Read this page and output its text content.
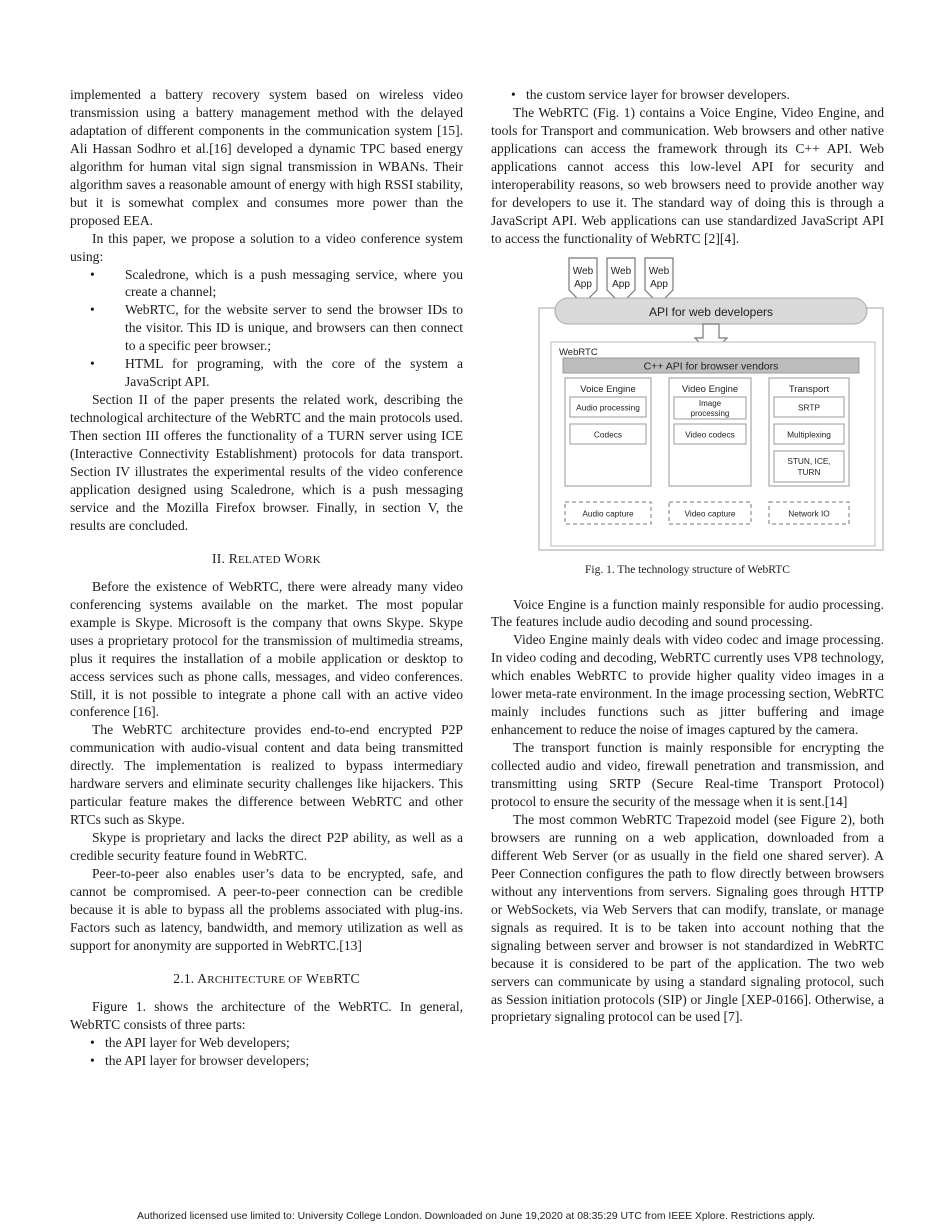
implemented a battery recovery system based on wireless video transmission using a battery management method with the delayed adaptation of different components in the communication system [15]. Ali Hassan Sodhro et al.[16] developed a dynamic TPC based energy algorithm for human vital sign signal transmission in WBANs. Their algorithm saves a reasonable amount of energy with high RSSI stability, but it is somewhat complex and consumes more power than the proposed EEA.

In this paper, we propose a solution to a video conference system using:

• Scaledrone, which is a push messaging service, where you create a channel;
• WebRTC, for the website server to send the browser IDs to the visitor. This ID is unique, and browsers can then connect to a specific peer browser.;
• HTML for programing, with the core of the system a JavaScript API.

Section II of the paper presents the related work, describing the technological architecture of the WebRTC and the main protocols used. Then section III offeres the functionality of a TURN server using ICE (Interactive Connectivity Establishment) protocols for data transport. Section IV illustrates the experimental results of the video conference application designed using Scaledrone, which is a push messaging service and the Mozilla Firefox browser. Finally, in section V, the results are concluded.

II. RELATED WORK

Before the existence of WebRTC, there were already many video conferencing systems available on the market. The most popular example is Skype. Microsoft is the company that owns Skype. Skype uses a proprietary protocol for the transmission of multimedia streams, plus it requires the installation of a mobile application or desktop to access services such as phone calls, messages, and video conferences. Still, it is not possible to integrate a phone call with an active video conference [16].

The WebRTC architecture provides end-to-end encrypted P2P communication with audio-visual content and data being transmitted directly. The implementation is realized to bypass intermediary hardware servers and eliminate security challenges like hijackers. This particular feature makes the difference between WebRTC and other RTCs such as Skype.

Skype is proprietary and lacks the direct P2P ability, as well as a credible security feature found in WebRTC.

Peer-to-peer also enables user’s data to be encrypted, safe, and cannot be compromised. A peer-to-peer connection can be credible because it is able to bypass all the problems associated with plug-ins. Factors such as latency, bandwidth, and memory utilization as well as support for anonymity are supported in WebRTC.[13]

2.1. ARCHITECTURE OF WEBRTC

Figure 1. shows the architecture of the WebRTC. In general, WebRTC consists of three parts:

• the API layer for Web developers;
• the API layer for browser developers;
• the custom service layer for browser developers.

The WebRTC (Fig. 1) contains a Voice Engine, Video Engine, and tools for Transport and communication. Web browsers and other native applications can access the framework through its C++ API. Web applications cannot access this low-level API for security and interoperability reasons, so web browsers need to provide another way for developers to use it. The standard way of doing this is through a JavaScript API. Web applications can use standardized JavaScript API to access the functionality of WebRTC [2][4].

Web
App
Web
App
Web
App
API for web developers
WebRTC
C++ API for browser vendors
Voice Engine
Audio processing
Codecs
Video Engine
Image
processing
Video codecs
Transport
SRTP
Multiplexing
STUN, ICE,
TURN
Audio capture	Video capture	Network IO
Fig. 1. The technology structure of WebRTC

Voice Engine is a function mainly responsible for audio processing. The features include audio decoding and sound processing.

Video Engine mainly deals with video codec and image processing. In video coding and decoding, WebRTC currently uses VP8 technology, which enables WebRTC to provide higher quality video images in a lower meta-rate environment. In the image processing section, WebRTC mainly includes functions such as jitter buffering and image enhancement to reduce the noise of images captured by the camera.

The transport function is mainly responsible for encrypting the collected audio and video, firewall penetration and transmission, and transmitting using SRTP (Secure Real-time Transport Protocol) protocol to ensure the security of the message when it is sent.[14]

The most common WebRTC Trapezoid model (see Figure 2), both browsers are running on a web application, downloaded from a different Web Server (or as usually in the field one shared server). A Peer Connection configures the path to flow directly between browsers without any interventions from servers. Signaling goes through HTTP or WebSockets, via Web Servers that can modify, translate, or manage signals as required. It is to be taken into account nothing that the signaling between server and browser is not standardized in WebRTC because it is considered to be part of the application. The two web servers can communicate by using a standard signaling protocol, such as Session initiation protocols (SIP) or Jingle [XEP-0166]. Otherwise, a proprietary signaling protocol can be used [7].

Authorized licensed use limited to: University College London. Downloaded on June 19,2020 at 08:35:29 UTC from IEEE Xplore. Restrictions apply.
